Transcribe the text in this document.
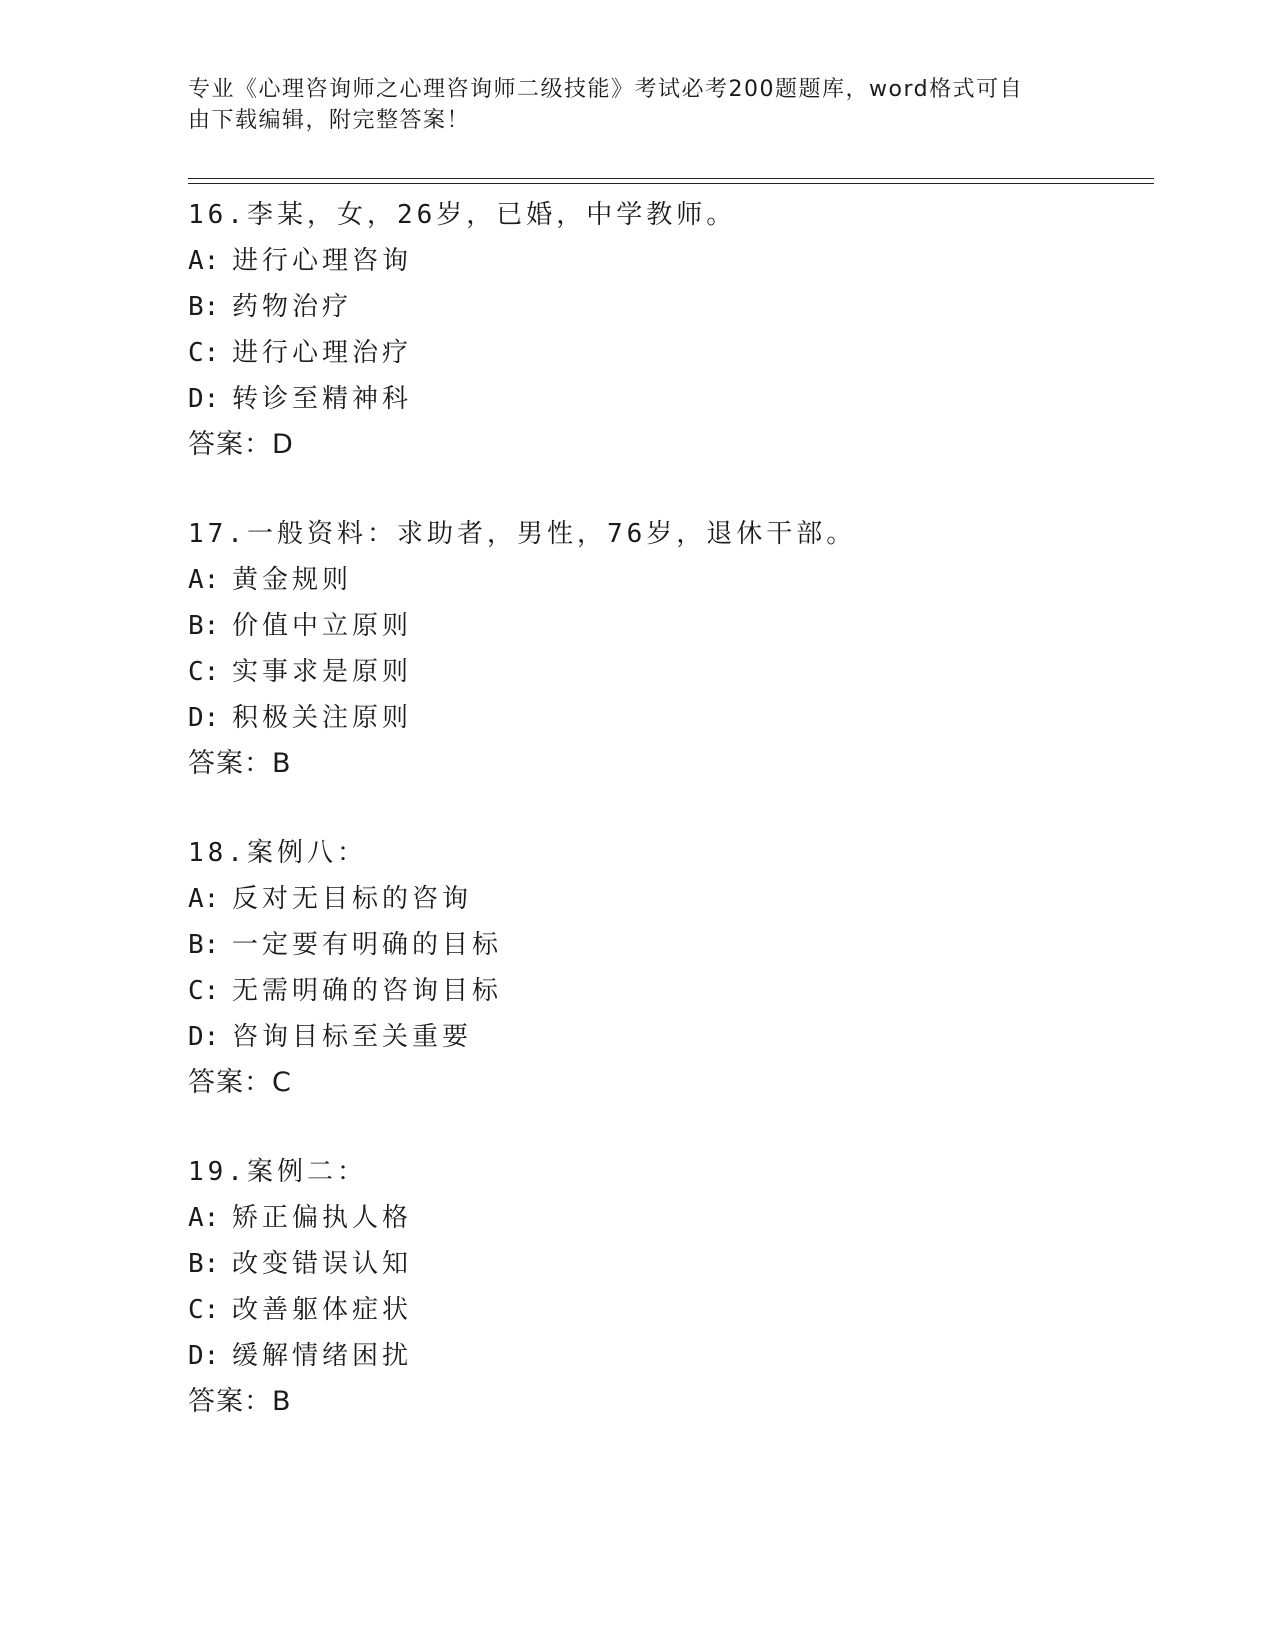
专业《心理咨询师之心理咨询师二级技能》考试必考200题题库，word格式可自
由下载编辑，附完整答案！
16.李某，女，26岁，已婚，中学教师。
A: 进行心理咨询
B: 药物治疗
C: 进行心理治疗
D: 转诊至精神科
答案：D
17.一般资料：求助者，男性，76岁，退休干部。
A: 黄金规则
B: 价值中立原则
C: 实事求是原则
D: 积极关注原则
答案：B
18.案例八：
A: 反对无目标的咨询
B: 一定要有明确的目标
C: 无需明确的咨询目标
D: 咨询目标至关重要
答案：C
19.案例二：
A: 矫正偏执人格
B: 改变错误认知
C: 改善躯体症状
D: 缓解情绪困扰
答案：B
